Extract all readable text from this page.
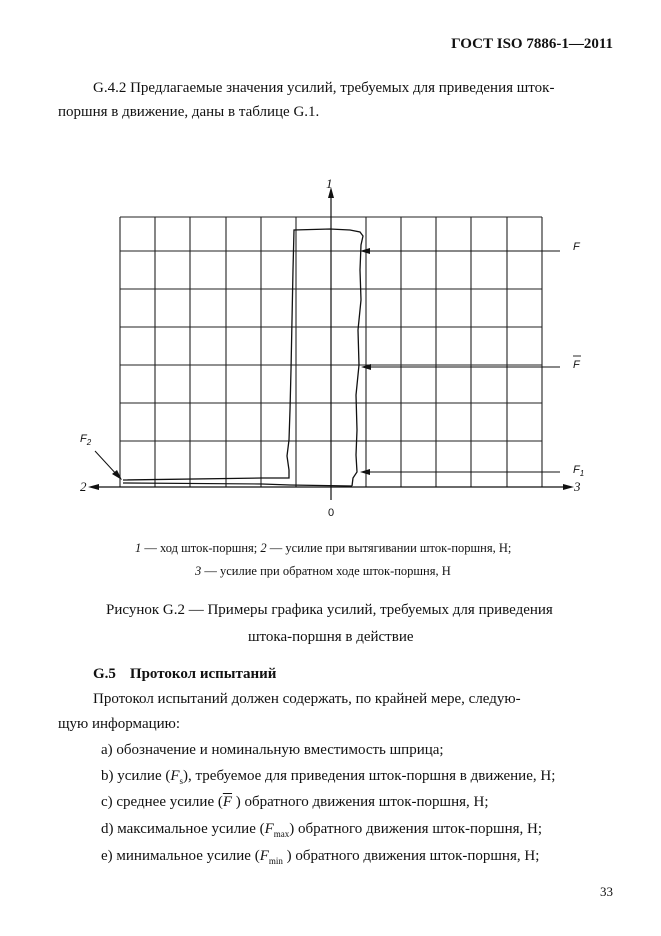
ГОСТ ISO 7886-1—2011
G.4.2 Предлагаемые значения усилий, требуемых для приведения шток-
поршня в движение, даны в таблице G.1.
1
2	3
0
F
F
$F_1$
$F_2$
1 — ход шток-поршня; 2 — усилие при вытягивании шток-поршня, Н;
3 — усилие при обратном ходе шток-поршня, Н
Рисунок G.2 — Примеры графика усилий, требуемых для приведения
штока-поршня в действие
G.5 Протокол испытаний
Протокол испытаний должен содержать, по крайней мере, следую-
щую информацию:
а) обозначение и номинальную вместимость шприца;
b) усилие $(F_s)$, требуемое для приведения шток-поршня в движение, Н;
с) среднее усилие ($\overline{F}$ ) обратного движения шток-поршня, Н;
d) максимальное усилие $(F_{max})$ обратного движения шток-поршня, Н;
е) минимальное усилие ($F_{min}$ ) обратного движения шток-поршня, Н;
33
